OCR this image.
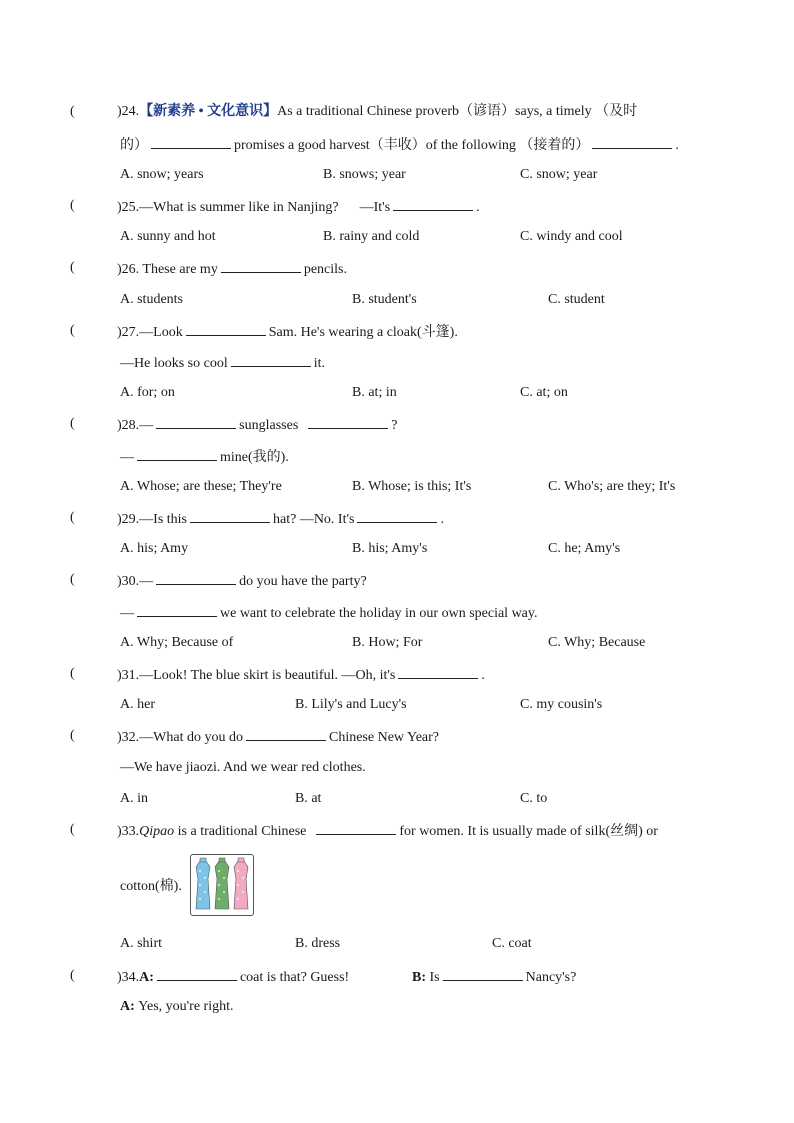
(	)24.【新素养 • 文化意识】As a traditional Chinese proverb（谚语）says, a timely （及时
的）	promises a good harvest（丰收）of the following （接着的）	.
A. snow; years	B. snows; year	C. snow; year
(	)25.—What is summer like in Nanjing? —It's	.
A. sunny and hot	B. rainy and cold	C. windy and cool
(	)26. These are my	pencils.
A. students	B. student's	C. student
(	)27.—Look	Sam. He's wearing a cloak(斗篷).
—He looks so cool	it.
A. for; on	B. at; in	C. at; on
(	)28.—	sunglasses	?
—	mine(我的).
A. Whose; are these; They're	B. Whose; is this; It's	C. Who's; are they; It's
(	)29.—Is this	hat? —No. It's	.
A. his; Amy	B. his; Amy's	C. he; Amy's
(	)30.—	do you have the party?
—	we want to celebrate the holiday in our own special way.
A. Why; Because of	B. How; For	C. Why; Because
(	)31.—Look! The blue skirt is beautiful. —Oh, it's	.
A. her	B. Lily's and Lucy's	C. my cousin's
(	)32.—What do you do	Chinese New Year?
—We have jiaozi. And we wear red clothes.
A. in	B. at	C. to
(	)33.Qipao is a traditional Chinese	for women. It is usually made of silk(丝绸) or
cotton(棉).
A. shirt	B. dress	C. coat
(	)34.A:	coat is that? Guess!	B: Is	Nancy's?
A: Yes, you're right.
